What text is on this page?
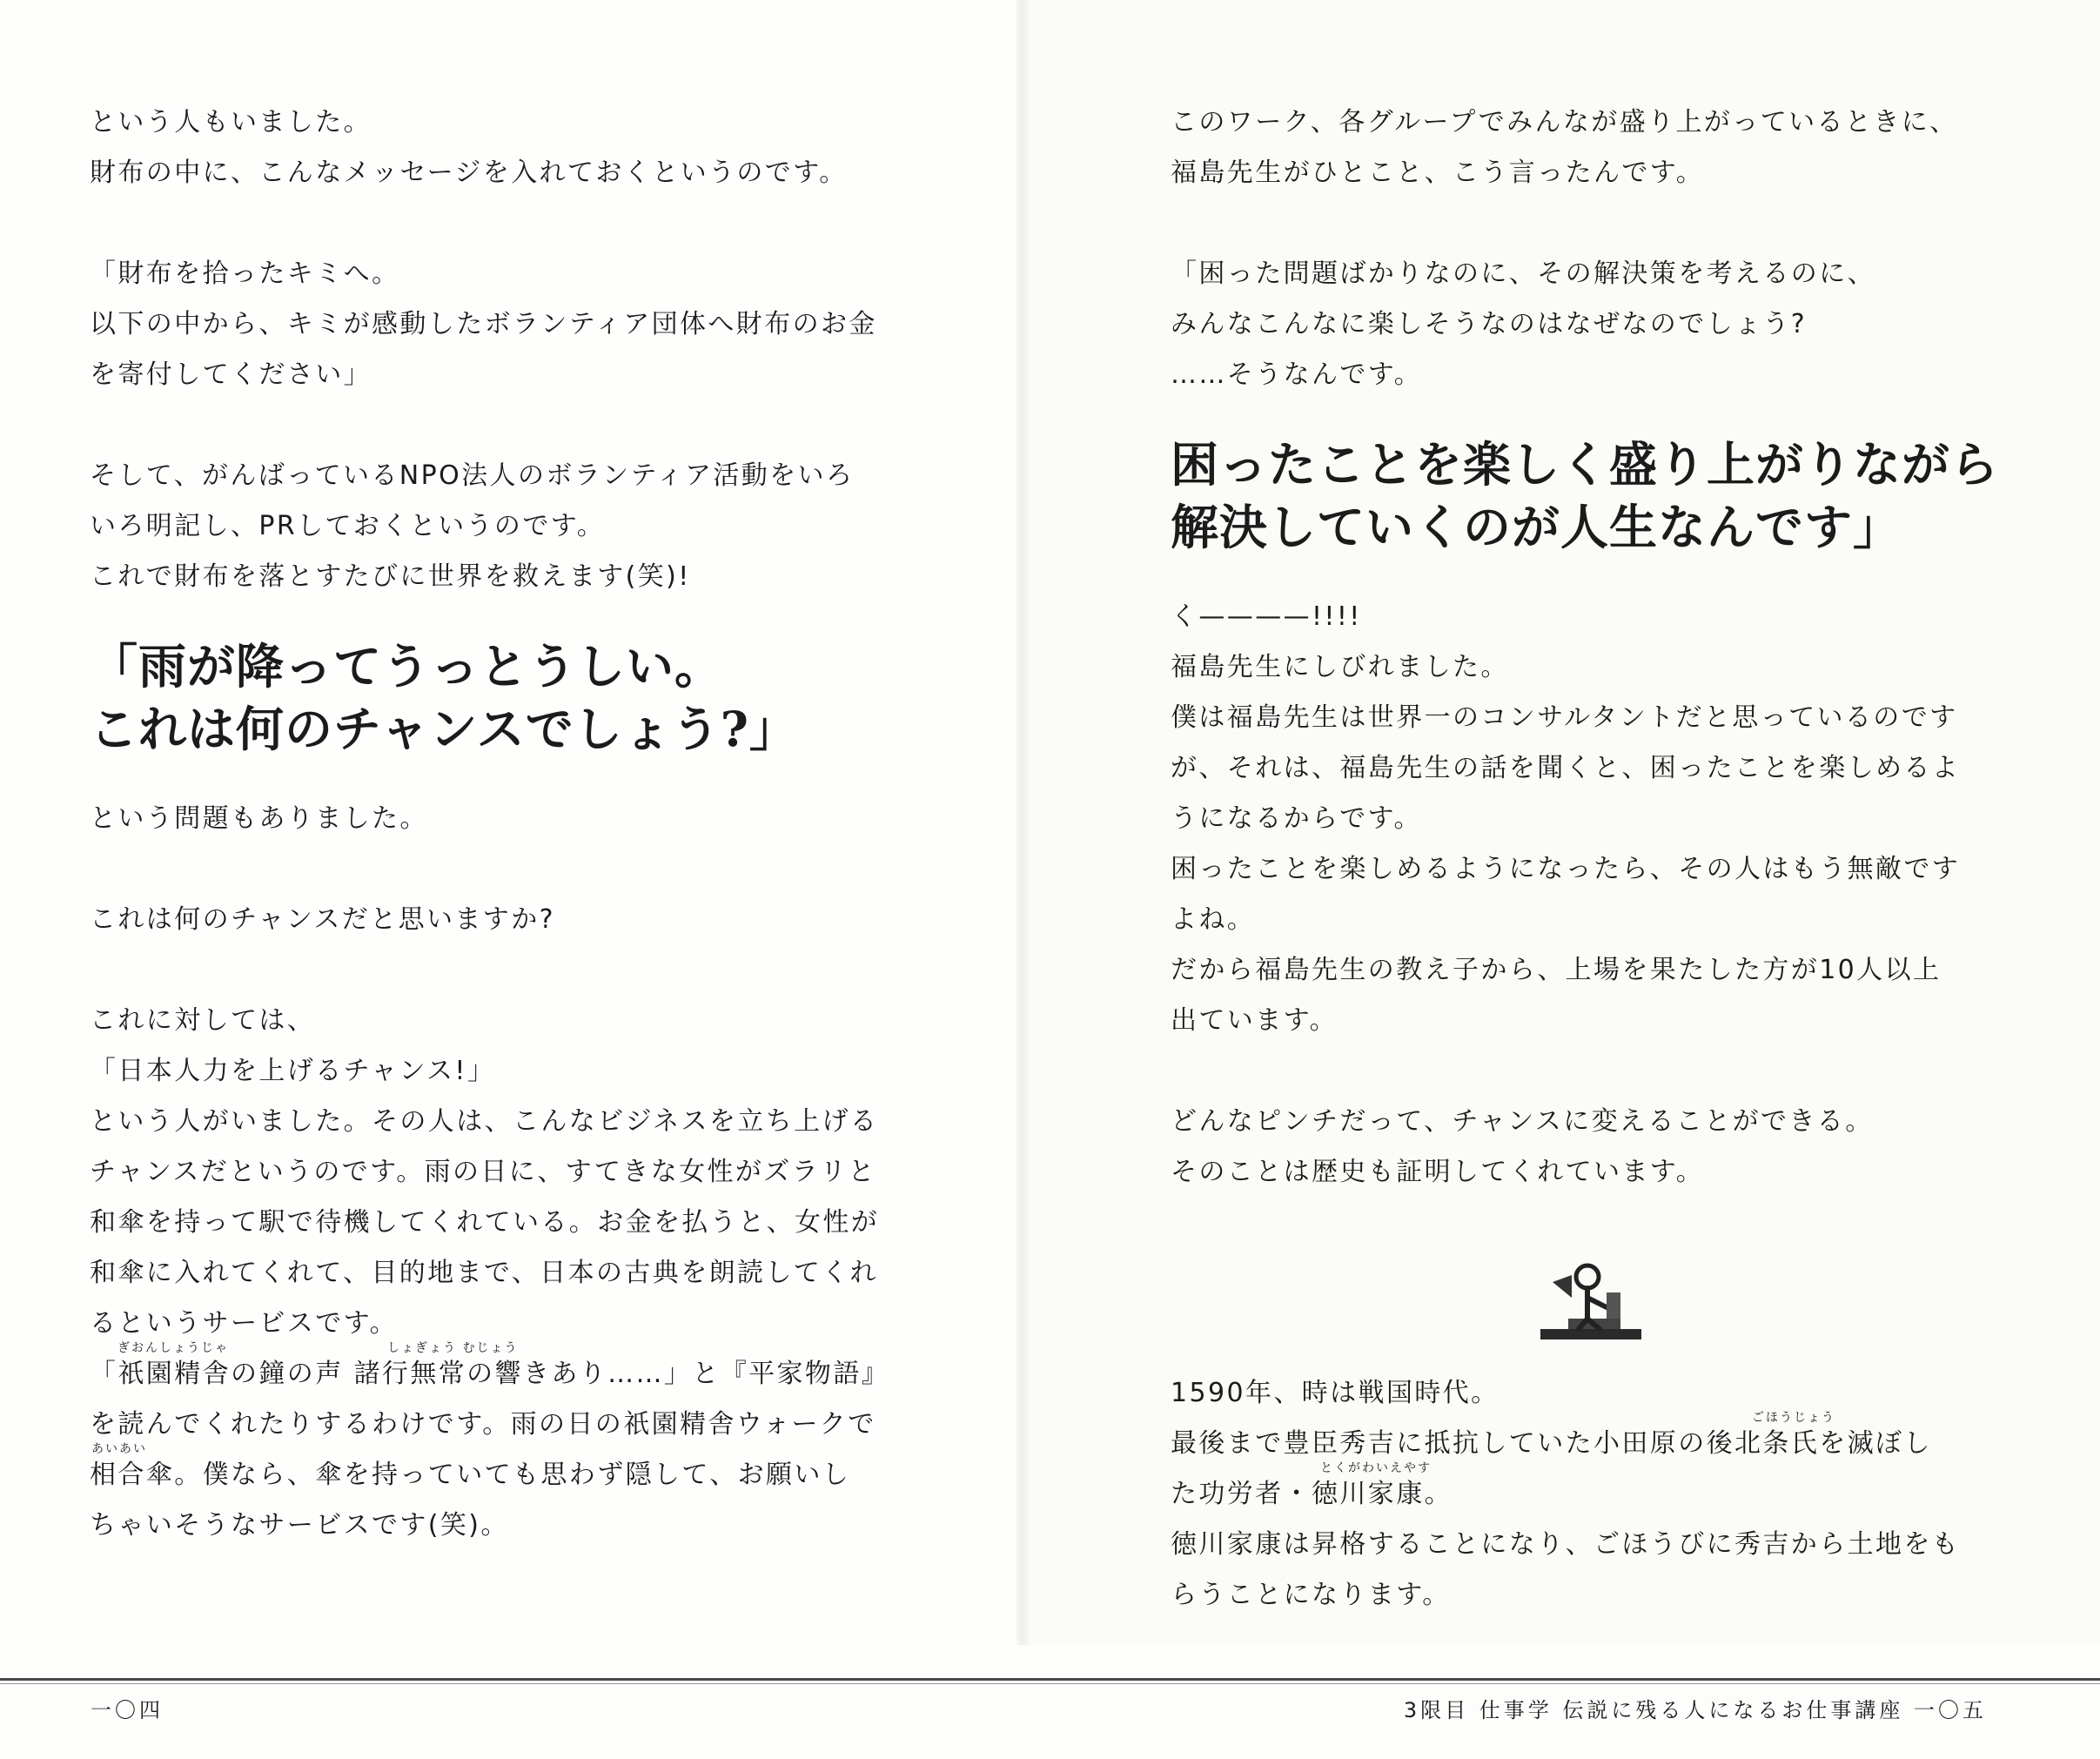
という人もいました。

財布の中に、こんなメッセージを入れておくというのです。

「財布を拾ったキミへ。

以下の中から、キミが感動したボランティア団体へ財布のお金

を寄付してください」

そして、がんばっているNPO法人のボランティア活動をいろ

いろ明記し、PRしておくというのです。

これで財布を落とすたびに世界を救えます(笑)!

「雨が降ってうっとうしい。

これは何のチャンスでしょう?」

という問題もありました。

これは何のチャンスだと思いますか?

これに対しては、

「日本人力を上げるチャンス!」

という人がいました。その人は、こんなビジネスを立ち上げる

チャンスだというのです。雨の日に、すてきな女性がズラリと

和傘を持って駅で待機してくれている。お金を払うと、女性が

和傘に入れてくれて、目的地まで、日本の古典を朗読してくれ

るというサービスです。

ぎおんしょうじゃ	しょぎょう むじょう
「祇園精舎の鐘の声 諸行無常の響きあり……」と『平家物語』

を読んでくれたりするわけです。雨の日の祇園精舎ウォークで

あいあい
相合傘。僕なら、傘を持っていても思わず隠して、お願いし

ちゃいそうなサービスです(笑)。

このワーク、各グループでみんなが盛り上がっているときに、

福島先生がひとこと、こう言ったんです。

「困った問題ばかりなのに、その解決策を考えるのに、

みんなこんなに楽しそうなのはなぜなのでしょう?

……そうなんです。

困ったことを楽しく盛り上がりながら

解決していくのが人生なんです」

く————!!!!

福島先生にしびれました。

僕は福島先生は世界一のコンサルタントだと思っているのです

が、それは、福島先生の話を聞くと、困ったことを楽しめるよ

うになるからです。

困ったことを楽しめるようになったら、その人はもう無敵です

よね。

だから福島先生の教え子から、上場を果たした方が10人以上

出ています。

どんなピンチだって、チャンスに変えることができる。

そのことは歴史も証明してくれています。

1590年、時は戦国時代。

ごほうじょう
最後まで豊臣秀吉に抵抗していた小田原の後北条氏を滅ぼし

とくがわいえやす
た功労者・徳川家康。

徳川家康は昇格することになり、ごほうびに秀吉から土地をも

らうことになります。

一〇四	3限目 仕事学 伝説に残る人になるお仕事講座 一〇五
